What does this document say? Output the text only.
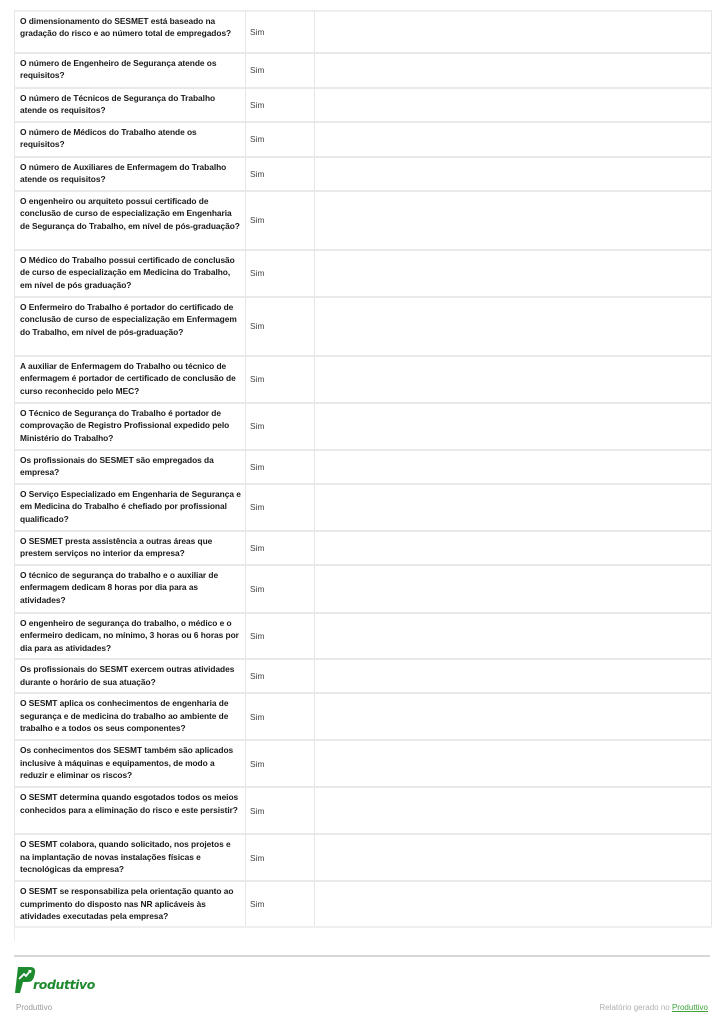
O dimensionamento do SESMET está baseado na gradação do risco e ao número total de empregados?	Sim	

O número de Engenheiro de Segurança atende os requisitos?	Sim	

O número de Técnicos de Segurança do Trabalho atende os requisitos?	Sim	

O número de Médicos do Trabalho atende os requisitos?	Sim	

O número de Auxiliares de Enfermagem do Trabalho atende os requisitos?	Sim	

O engenheiro ou arquiteto possui certificado de conclusão de curso de especialização em Engenharia de Segurança do Trabalho, em nível de pós-graduação?	Sim	

O Médico do Trabalho possui certificado de conclusão de curso de especialização em Medicina do Trabalho, em nível de pós graduação?	Sim	

O Enfermeiro do Trabalho é portador do certificado de conclusão de curso de especialização em Enfermagem do Trabalho, em nível de pós-graduação?	Sim	

A auxiliar de Enfermagem do Trabalho ou técnico de enfermagem é portador de certificado de conclusão de curso reconhecido pelo MEC?	Sim	

O Técnico de Segurança do Trabalho é portador de comprovação de Registro Profissional expedido pelo Ministério do Trabalho?	Sim	

Os profissionais do SESMET são empregados da empresa?	Sim	

O Serviço Especializado em Engenharia de Segurança e em Medicina do Trabalho é chefiado por profissional qualificado?	Sim	

O SESMET presta assistência a outras áreas que prestem serviços no interior da empresa?	Sim	

O técnico de segurança do trabalho e o auxiliar de enfermagem dedicam 8 horas por dia para as atividades?	Sim	

O engenheiro de segurança do trabalho, o médico e o enfermeiro dedicam, no mínimo, 3 horas ou 6 horas por dia para as atividades?	Sim	

Os profissionais do SESMT exercem outras atividades durante o horário de sua atuação?	Sim	

O SESMT aplica os conhecimentos de engenharia de segurança e de medicina do trabalho ao ambiente de trabalho e a todos os seus componentes?	Sim	

Os conhecimentos dos SESMT também são aplicados inclusive à máquinas e equipamentos, de modo a reduzir e eliminar os riscos?	Sim	

O SESMT determina quando esgotados todos os meios conhecidos para a eliminação do risco e este persistir?	Sim	

O SESMT colabora, quando solicitado, nos projetos e na implantação de novas instalações físicas e tecnológicas da empresa?	Sim	

O SESMT se responsabiliza pela orientação quanto ao cumprimento do disposto nas NR aplicáveis às atividades executadas pela empresa?	Sim	

roduttivo
Produttivo	Relatório gerado no Produttivo
